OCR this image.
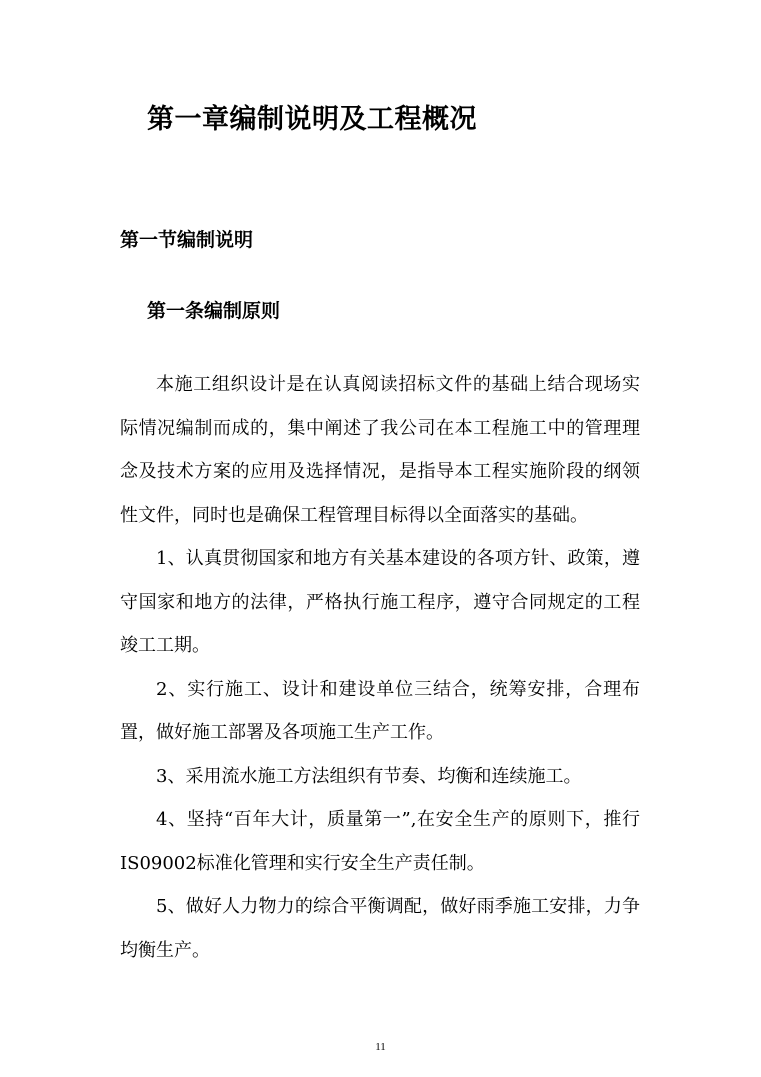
第一章编制说明及工程概况
第一节编制说明
第一条编制原则

本施工组织设计是在认真阅读招标文件的基础上结合现场实际情况编制而成的，集中阐述了我公司在本工程施工中的管理理念及技术方案的应用及选择情况，是指导本工程实施阶段的纲领性文件，同时也是确保工程管理目标得以全面落实的基础。

1、认真贯彻国家和地方有关基本建设的各项方针、政策，遵守国家和地方的法律，严格执行施工程序，遵守合同规定的工程竣工工期。

2、实行施工、设计和建设单位三结合，统筹安排，合理布置，做好施工部署及各项施工生产工作。

3、采用流水施工方法组织有节奏、均衡和连续施工。

4、坚持“百年大计，质量第一”,在安全生产的原则下，推行IS09002标准化管理和实行安全生产责任制。

5、做好人力物力的综合平衡调配，做好雨季施工安排，力争均衡生产。

11
